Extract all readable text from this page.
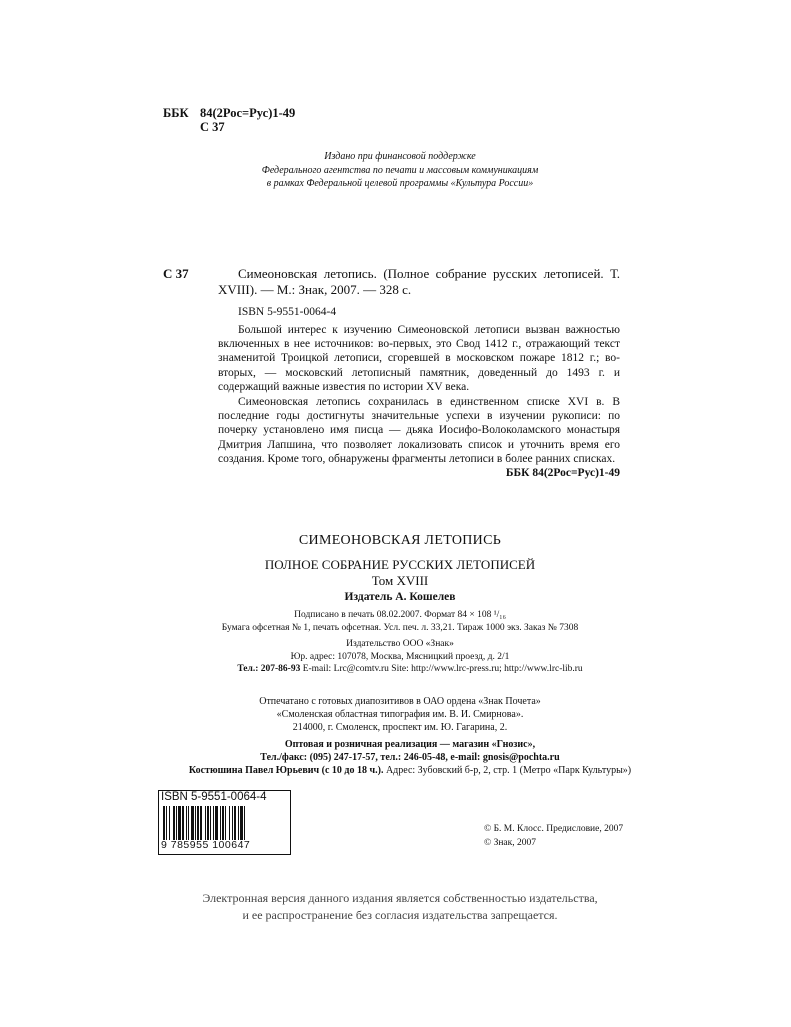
ББК 84(2Рос=Рус)1-49
С 37
Издано при финансовой поддержке
Федерального агентства по печати и массовым коммуникациям
в рамках Федеральной целевой программы «Культура России»
С 37	Симеоновская летопись. (Полное собрание русских летописей. Т. XVIII). — М.: Знак, 2007. — 328 с.
ISBN 5-9551-0064-4
Большой интерес к изучению Симеоновской летописи вызван важностью включенных в нее источников: во-первых, это Свод 1412 г., отражающий текст знаменитой Троицкой летописи, сгоревшей в московском пожаре 1812 г.; во-вторых, — московский летописный памятник, доведенный до 1493 г. и содержащий важные известия по истории XV века.
Симеоновская летопись сохранилась в единственном списке XVI в. В последние годы достигнуты значительные успехи в изучении рукописи: по почерку установлено имя писца — дьяка Иосифо-Волоколамского монастыря Дмитрия Лапшина, что позволяет локализовать список и уточнить время его создания. Кроме того, обнаружены фрагменты летописи в более ранних списках.
ББК 84(2Рос=Рус)1-49
СИМЕОНОВСКАЯ ЛЕТОПИСЬ
ПОЛНОЕ СОБРАНИЕ РУССКИХ ЛЕТОПИСЕЙ
Том XVIII
Издатель А. Кошелев
Подписано в печать 08.02.2007. Формат 84 × 108 ¹/₁₆
Бумага офсетная № 1, печать офсетная. Усл. печ. л. 33,21. Тираж 1000 экз. Заказ № 7308
Издательство ООО «Знак»
Юр. адрес: 107078, Москва, Мясницкий проезд, д. 2/1
Тел.: 207-86-93 E-mail: Lrc@comtv.ru Site: http://www.lrc-press.ru; http://www.lrc-lib.ru
Отпечатано с готовых диапозитивов в ОАО ордена «Знак Почета»
«Смоленская областная типография им. В. И. Смирнова».
214000, г. Смоленск, проспект им. Ю. Гагарина, 2.
Оптовая и розничная реализация — магазин «Гнозис»,
Тел./факс: (095) 247-17-57, тел.: 246-05-48, e-mail: gnosis@pochta.ru
Костюшина Павел Юрьевич (с 10 до 18 ч.). Адрес: Зубовский б-р, 2, стр. 1 (Метро «Парк Культуры»)
ISBN 5-9551-0064-4
9 785955 100647
© Б. М. Клосс. Предисловие, 2007
© Знак, 2007
Электронная версия данного издания является собственностью издательства,
и ее распространение без согласия издательства запрещается.
